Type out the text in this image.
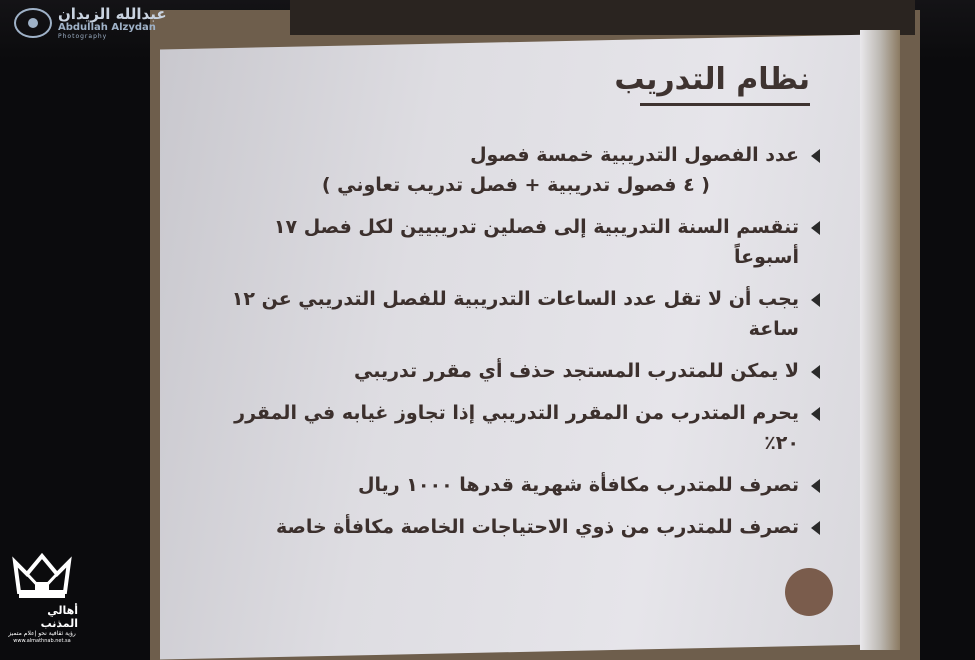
نظام التدريب
عدد الفصول التدريبية خمسة فصول
( ٤ فصول تدريبية + فصل تدريب تعاوني )
تنقسم السنة التدريبية إلى فصلين تدريبيين لكل فصل ١٧ أسبوعاً
يجب أن لا تقل عدد الساعات التدريبية للفصل التدريبي عن ١٢ ساعة
لا يمكن للمتدرب المستجد حذف أي مقرر تدريبي
يحرم المتدرب من المقرر التدريبي إذا تجاوز غيابه في المقرر ٢٠٪
تصرف للمتدرب مكافأة شهرية قدرها ١٠٠٠ ريال
تصرف للمتدرب من ذوي الاحتياجات الخاصة مكافأة خاصة
عبدالله الزيدان
Abdullah Alzydan
Photography
أهالي المذنب
رؤية ثقافية نحو إعلام متميز
www.almathnab.net.sa
